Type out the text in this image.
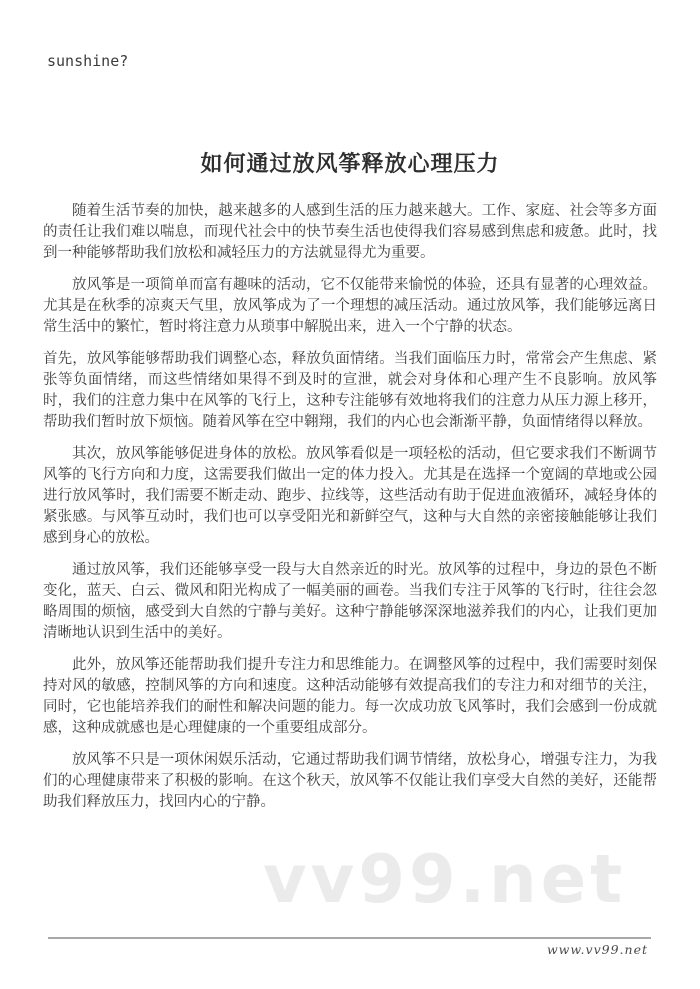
sunshine?
如何通过放风筝释放心理压力

随着生活节奏的加快，越来越多的人感到生活的压力越来越大。工作、家庭、社会等多方面的责任让我们难以喘息，而现代社会中的快节奏生活也使得我们容易感到焦虑和疲惫。此时，找到一种能够帮助我们放松和减轻压力的方法就显得尤为重要。

放风筝是一项简单而富有趣味的活动，它不仅能带来愉悦的体验，还具有显著的心理效益。尤其是在秋季的凉爽天气里，放风筝成为了一个理想的减压活动。通过放风筝，我们能够远离日常生活中的繁忙，暂时将注意力从琐事中解脱出来，进入一个宁静的状态。

首先，放风筝能够帮助我们调整心态，释放负面情绪。当我们面临压力时，常常会产生焦虑、紧张等负面情绪，而这些情绪如果得不到及时的宣泄，就会对身体和心理产生不良影响。放风筝时，我们的注意力集中在风筝的飞行上，这种专注能够有效地将我们的注意力从压力源上移开，帮助我们暂时放下烦恼。随着风筝在空中翱翔，我们的内心也会渐渐平静，负面情绪得以释放。

其次，放风筝能够促进身体的放松。放风筝看似是一项轻松的活动，但它要求我们不断调节风筝的飞行方向和力度，这需要我们做出一定的体力投入。尤其是在选择一个宽阔的草地或公园进行放风筝时，我们需要不断走动、跑步、拉线等，这些活动有助于促进血液循环，减轻身体的紧张感。与风筝互动时，我们也可以享受阳光和新鲜空气，这种与大自然的亲密接触能够让我们感到身心的放松。

通过放风筝，我们还能够享受一段与大自然亲近的时光。放风筝的过程中，身边的景色不断变化，蓝天、白云、微风和阳光构成了一幅美丽的画卷。当我们专注于风筝的飞行时，往往会忽略周围的烦恼，感受到大自然的宁静与美好。这种宁静能够深深地滋养我们的内心，让我们更加清晰地认识到生活中的美好。

此外，放风筝还能帮助我们提升专注力和思维能力。在调整风筝的过程中，我们需要时刻保持对风的敏感，控制风筝的方向和速度。这种活动能够有效提高我们的专注力和对细节的关注，同时，它也能培养我们的耐性和解决问题的能力。每一次成功放飞风筝时，我们会感到一份成就感，这种成就感也是心理健康的一个重要组成部分。

放风筝不只是一项休闲娱乐活动，它通过帮助我们调节情绪，放松身心，增强专注力，为我们的心理健康带来了积极的影响。在这个秋天，放风筝不仅能让我们享受大自然的美好，还能帮助我们释放压力，找回内心的宁静。

vv99.net
www.vv99.net
